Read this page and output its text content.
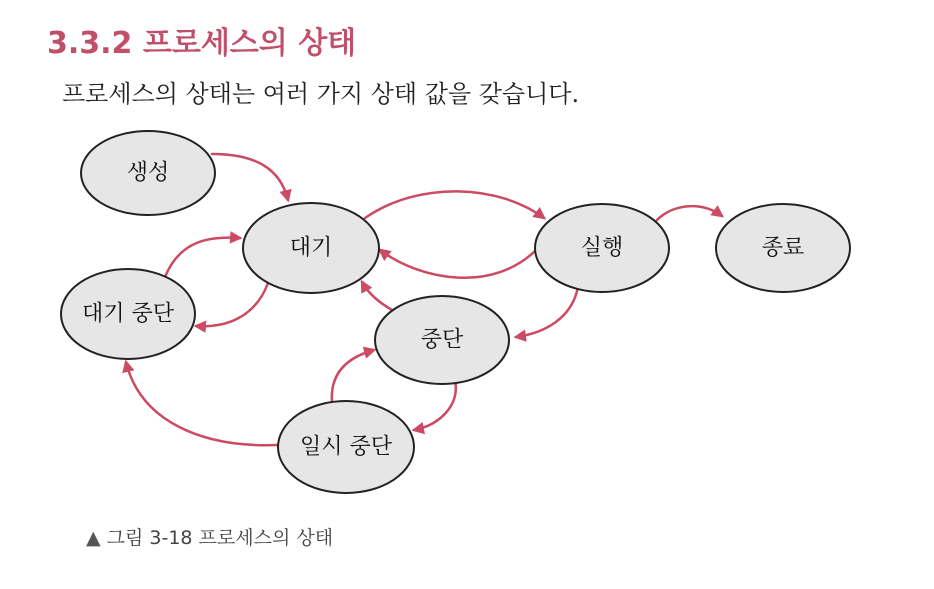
3.3.2 프로세스의 상태

프로세스의 상태는 여러 가지 상태 값을 갖습니다.

생성
대기	실행	종료
대기 중단
중단
일시 중단

▲ 그림 3-18 프로세스의 상태
